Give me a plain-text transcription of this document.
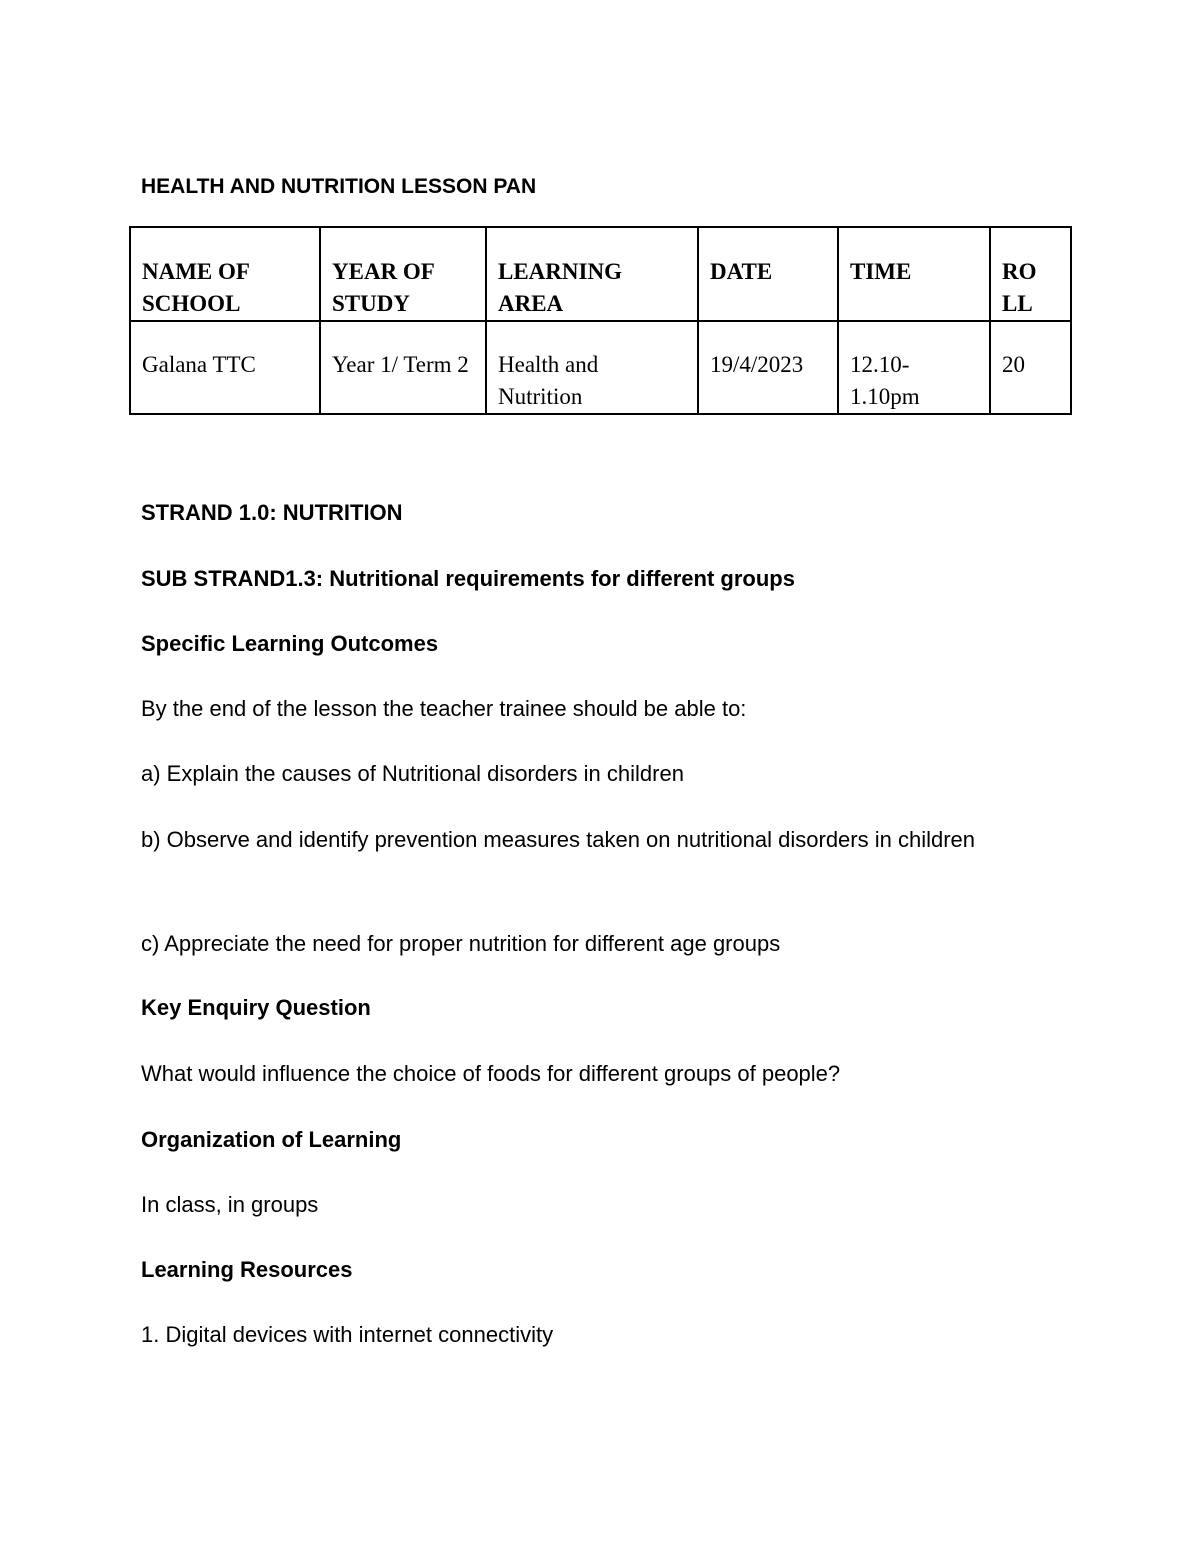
HEALTH AND NUTRITION LESSON PAN

NAME OF SCHOOL	YEAR OF STUDY	LEARNING AREA	DATE	TIME	RO LL
Galana TTC	Year 1/ Term 2	Health and Nutrition	19/4/2023	12.10- 1.10pm	20

STRAND 1.0: NUTRITION

SUB STRAND1.3: Nutritional requirements for different groups

Specific Learning Outcomes

By the end of the lesson the teacher trainee should be able to:

a) Explain the causes of Nutritional disorders in children

b) Observe and identify prevention measures taken on nutritional disorders in children

c) Appreciate the need for proper nutrition for different age groups

Key Enquiry Question

What would influence the choice of foods for different groups of people?

Organization of Learning

In class, in groups

Learning Resources

1. Digital devices with internet connectivity
